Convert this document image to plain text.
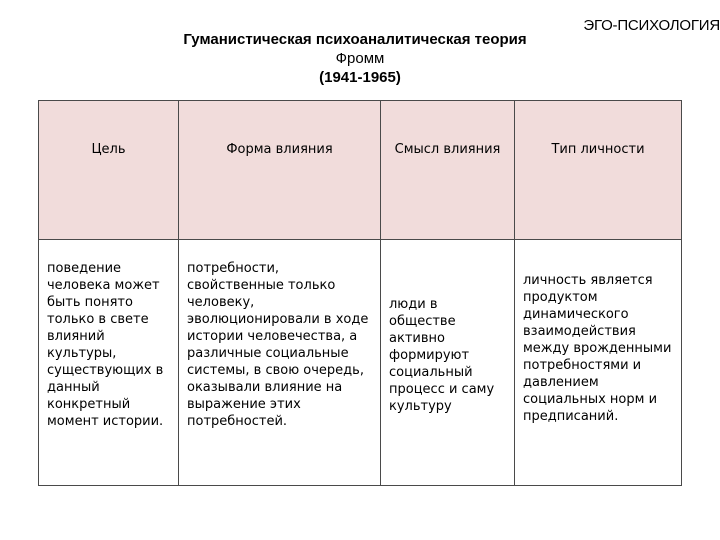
ЭГО-ПСИХОЛОГИЯ
Гуманистическая психоаналитическая теория
Фромм
(1941-1965)
Цель	Форма влияния	Смысл влияния	Тип личности
поведение человека может быть понято только в свете влияний культуры, существующих в данный конкретный момент истории.	потребности, свойственные только человеку, эволюционировали в ходе истории человечества, а различные социальные системы, в свою очередь, оказывали влияние на выражение этих потребностей.	люди в обществе активно формируют социальный процесс и саму культуру	личность является продуктом динамического взаимодействия между врожденными потребностями и давлением социальных норм и предписаний.
